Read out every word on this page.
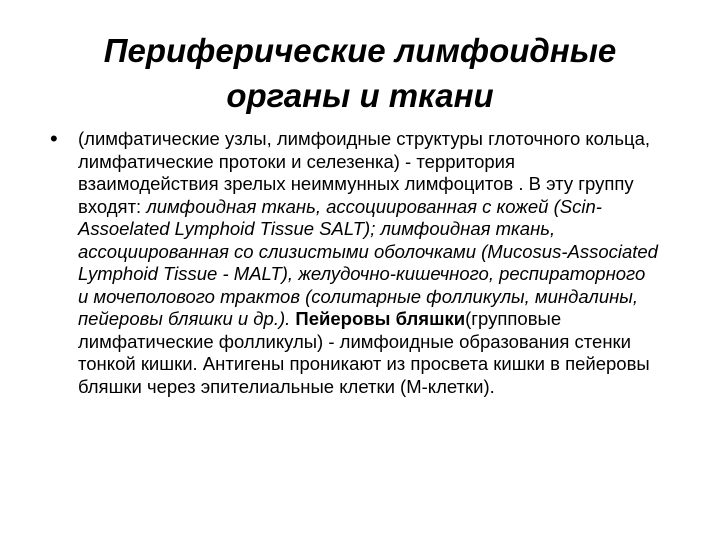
Периферические лимфоидные
органы и ткани
• (лимфатические узлы, лимфоидные структуры глоточного кольца, лимфатические протоки и селезенка) - территория взаимодействия зрелых неиммунных лимфоцитов . В эту группу входят: лимфоидная ткань, ассоциированная с кожей (Scin-Assoelated Lymphoid Tissue SALT); лимфоидная ткань, ассоциированная со слизистыми оболочками (Mucosus-Associated Lymphoid Tissue - MALT), желудочно-кишечного, респираторного и мочеполового трактов (солитарные фолликулы, миндалины, пейеровы бляшки и др.). Пейеровы бляшки(групповые лимфатические фолликулы) - лимфоидные образования стенки тонкой кишки. Антигены проникают из просвета кишки в пейеровы бляшки через эпителиальные клетки (М-клетки).
